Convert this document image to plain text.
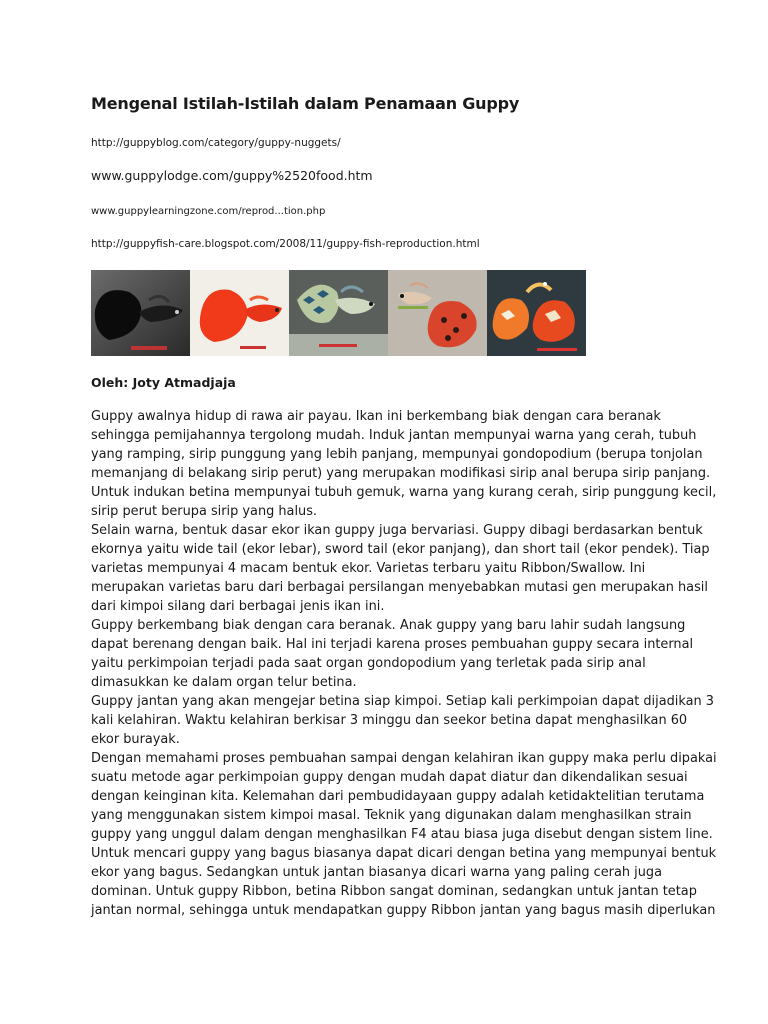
Mengenal Istilah-Istilah dalam Penamaan Guppy
http://guppyblog.com/category/guppy-nuggets/
www.guppylodge.com/guppy%2520food.htm
www.guppylearningzone.com/reprod...tion.php
http://guppyfish-care.blogspot.com/2008/11/guppy-fish-reproduction.html
Oleh: Joty Atmadjaja

Guppy awalnya hidup di rawa air payau. Ikan ini berkembang biak dengan cara beranak

sehingga pemijahannya tergolong mudah. Induk jantan mempunyai warna yang cerah, tubuh

yang ramping, sirip punggung yang lebih panjang, mempunyai gondopodium (berupa tonjolan

memanjang di belakang sirip perut) yang merupakan modifikasi sirip anal berupa sirip panjang.

Untuk indukan betina mempunyai tubuh gemuk, warna yang kurang cerah, sirip punggung kecil,

sirip perut berupa sirip yang halus.

Selain warna, bentuk dasar ekor ikan guppy juga bervariasi. Guppy dibagi berdasarkan bentuk

ekornya yaitu wide tail (ekor lebar), sword tail (ekor panjang), dan short tail (ekor pendek). Tiap

varietas mempunyai 4 macam bentuk ekor. Varietas terbaru yaitu Ribbon/Swallow. Ini

merupakan varietas baru dari berbagai persilangan menyebabkan mutasi gen merupakan hasil

dari kimpoi silang dari berbagai jenis ikan ini.

Guppy berkembang biak dengan cara beranak. Anak guppy yang baru lahir sudah langsung

dapat berenang dengan baik. Hal ini terjadi karena proses pembuahan guppy secara internal

yaitu perkimpoian terjadi pada saat organ gondopodium yang terletak pada sirip anal

dimasukkan ke dalam organ telur betina.

Guppy jantan yang akan mengejar betina siap kimpoi. Setiap kali perkimpoian dapat dijadikan 3

kali kelahiran. Waktu kelahiran berkisar 3 minggu dan seekor betina dapat menghasilkan 60

ekor burayak.

Dengan memahami proses pembuahan sampai dengan kelahiran ikan guppy maka perlu dipakai

suatu metode agar perkimpoian guppy dengan mudah dapat diatur dan dikendalikan sesuai

dengan keinginan kita. Kelemahan dari pembudidayaan guppy adalah ketidaktelitian terutama

yang menggunakan sistem kimpoi masal. Teknik yang digunakan dalam menghasilkan strain

guppy yang unggul dalam dengan menghasilkan F4 atau biasa juga disebut dengan sistem line.

Untuk mencari guppy yang bagus biasanya dapat dicari dengan betina yang mempunyai bentuk

ekor yang bagus. Sedangkan untuk jantan biasanya dicari warna yang paling cerah juga

dominan. Untuk guppy Ribbon, betina Ribbon sangat dominan, sedangkan untuk jantan tetap

jantan normal, sehingga untuk mendapatkan guppy Ribbon jantan yang bagus masih diperlukan
